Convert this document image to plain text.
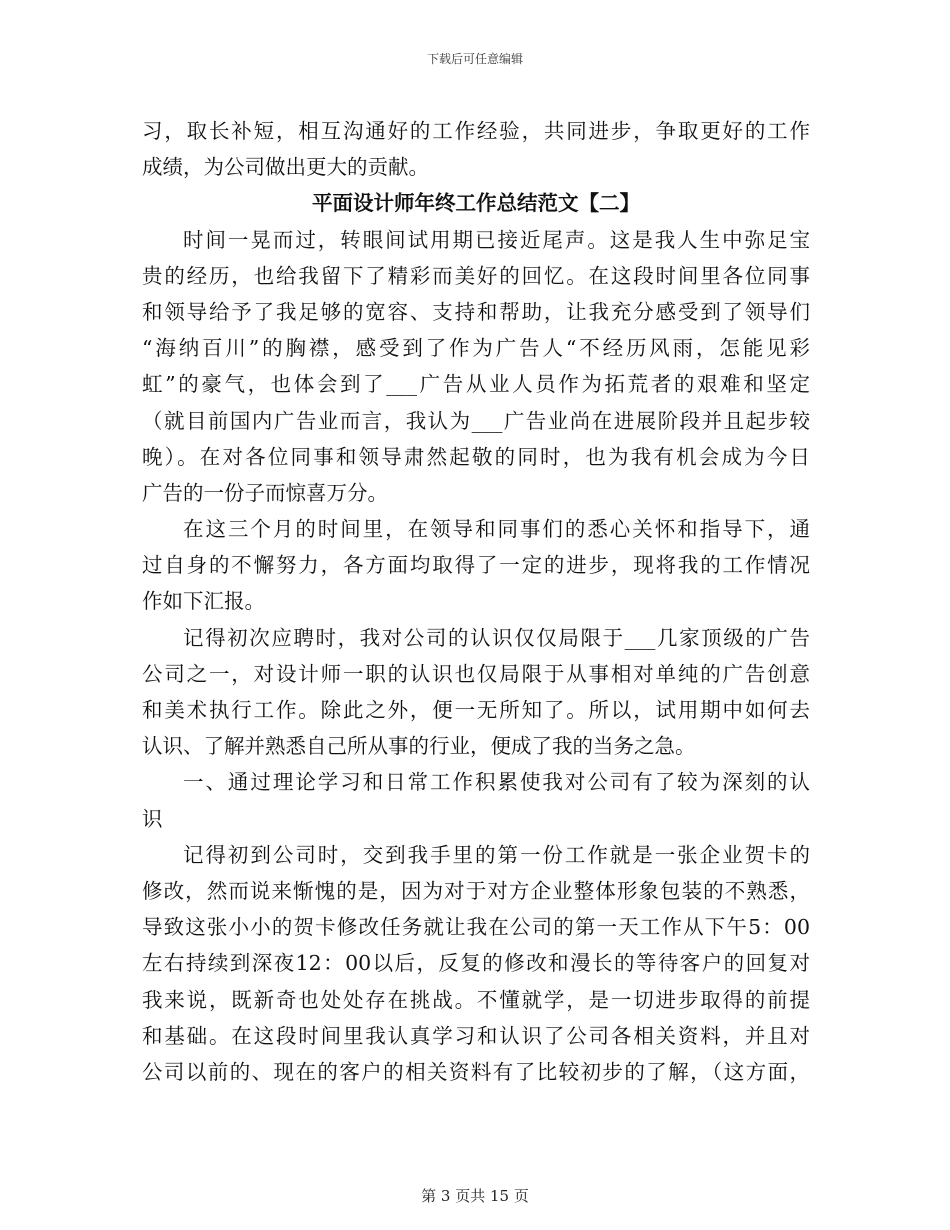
下载后可任意编辑
习，取长补短，相互沟通好的工作经验，共同进步，争取更好的工作
成绩，为公司做出更大的贡献。
平面设计师年终工作总结范文【二】
时间一晃而过，转眼间试用期已接近尾声。这是我人生中弥足宝
贵的经历，也给我留下了精彩而美好的回忆。在这段时间里各位同事
和领导给予了我足够的宽容、支持和帮助，让我充分感受到了领导们
“海纳百川”的胸襟，感受到了作为广告人“不经历风雨，怎能见彩
虹”的豪气，也体会到了___广告从业人员作为拓荒者的艰难和坚定
（就目前国内广告业而言，我认为___广告业尚在进展阶段并且起步较
晚）。在对各位同事和领导肃然起敬的同时，也为我有机会成为今日
广告的一份子而惊喜万分。
在这三个月的时间里，在领导和同事们的悉心关怀和指导下，通
过自身的不懈努力，各方面均取得了一定的进步，现将我的工作情况
作如下汇报。
记得初次应聘时，我对公司的认识仅仅局限于___几家顶级的广告
公司之一，对设计师一职的认识也仅局限于从事相对单纯的广告创意
和美术执行工作。除此之外，便一无所知了。所以，试用期中如何去
认识、了解并熟悉自己所从事的行业，便成了我的当务之急。
一、通过理论学习和日常工作积累使我对公司有了较为深刻的认
识
记得初到公司时，交到我手里的第一份工作就是一张企业贺卡的
修改，然而说来惭愧的是，因为对于对方企业整体形象包装的不熟悉，
导致这张小小的贺卡修改任务就让我在公司的第一天工作从下午5：00
左右持续到深夜12：00以后，反复的修改和漫长的等待客户的回复对
我来说，既新奇也处处存在挑战。不懂就学，是一切进步取得的前提
和基础。在这段时间里我认真学习和认识了公司各相关资料，并且对
公司以前的、现在的客户的相关资料有了比较初步的了解，（这方面，
第 3 页共 15 页
